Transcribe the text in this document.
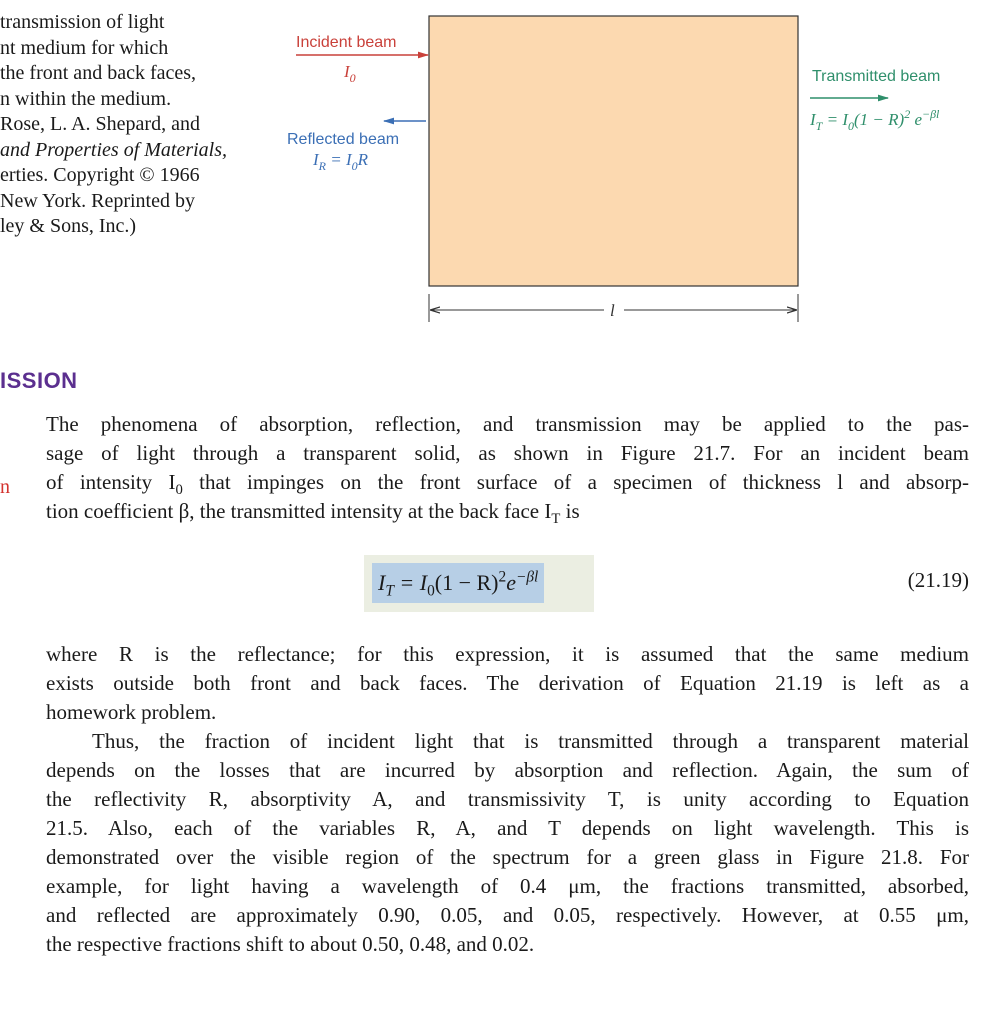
transmission of light
nt medium for which
the front and back faces,
n within the medium.
Rose, L. A. Shepard, and
and Properties of Materials,
erties. Copyright © 1966
New York. Reprinted by
ley & Sons, Inc.)
Incident beam
$I_0$
Reflected beam
$I_R = I_0R$
Transmitted beam
$I_T = I_0(1 - R)^2$ $e^{-\beta l}$
l
ISSION
n
The phenomena of absorption, reflection, and transmission may be applied to the pas-
sage of light through a transparent solid, as shown in Figure 21.7. For an incident beam
of intensity $I_0$ that impinges on the front surface of a specimen of thickness l and absorp-
tion coefficient β, the transmitted intensity at the back face $I_T$ is
$I_T = I_0(1 - R)^2e^{-\beta l}$	(21.19)
where R is the reflectance; for this expression, it is assumed that the same medium
exists outside both front and back faces. The derivation of Equation 21.19 is left as a
homework problem.
Thus, the fraction of incident light that is transmitted through a transparent material
depends on the losses that are incurred by absorption and reflection. Again, the sum of
the reflectivity R, absorptivity A, and transmissivity T, is unity according to Equation
21.5. Also, each of the variables R, A, and T depends on light wavelength. This is
demonstrated over the visible region of the spectrum for a green glass in Figure 21.8. For
example, for light having a wavelength of 0.4 μm, the fractions transmitted, absorbed,
and reflected are approximately 0.90, 0.05, and 0.05, respectively. However, at 0.55 μm,
the respective fractions shift to about 0.50, 0.48, and 0.02.
